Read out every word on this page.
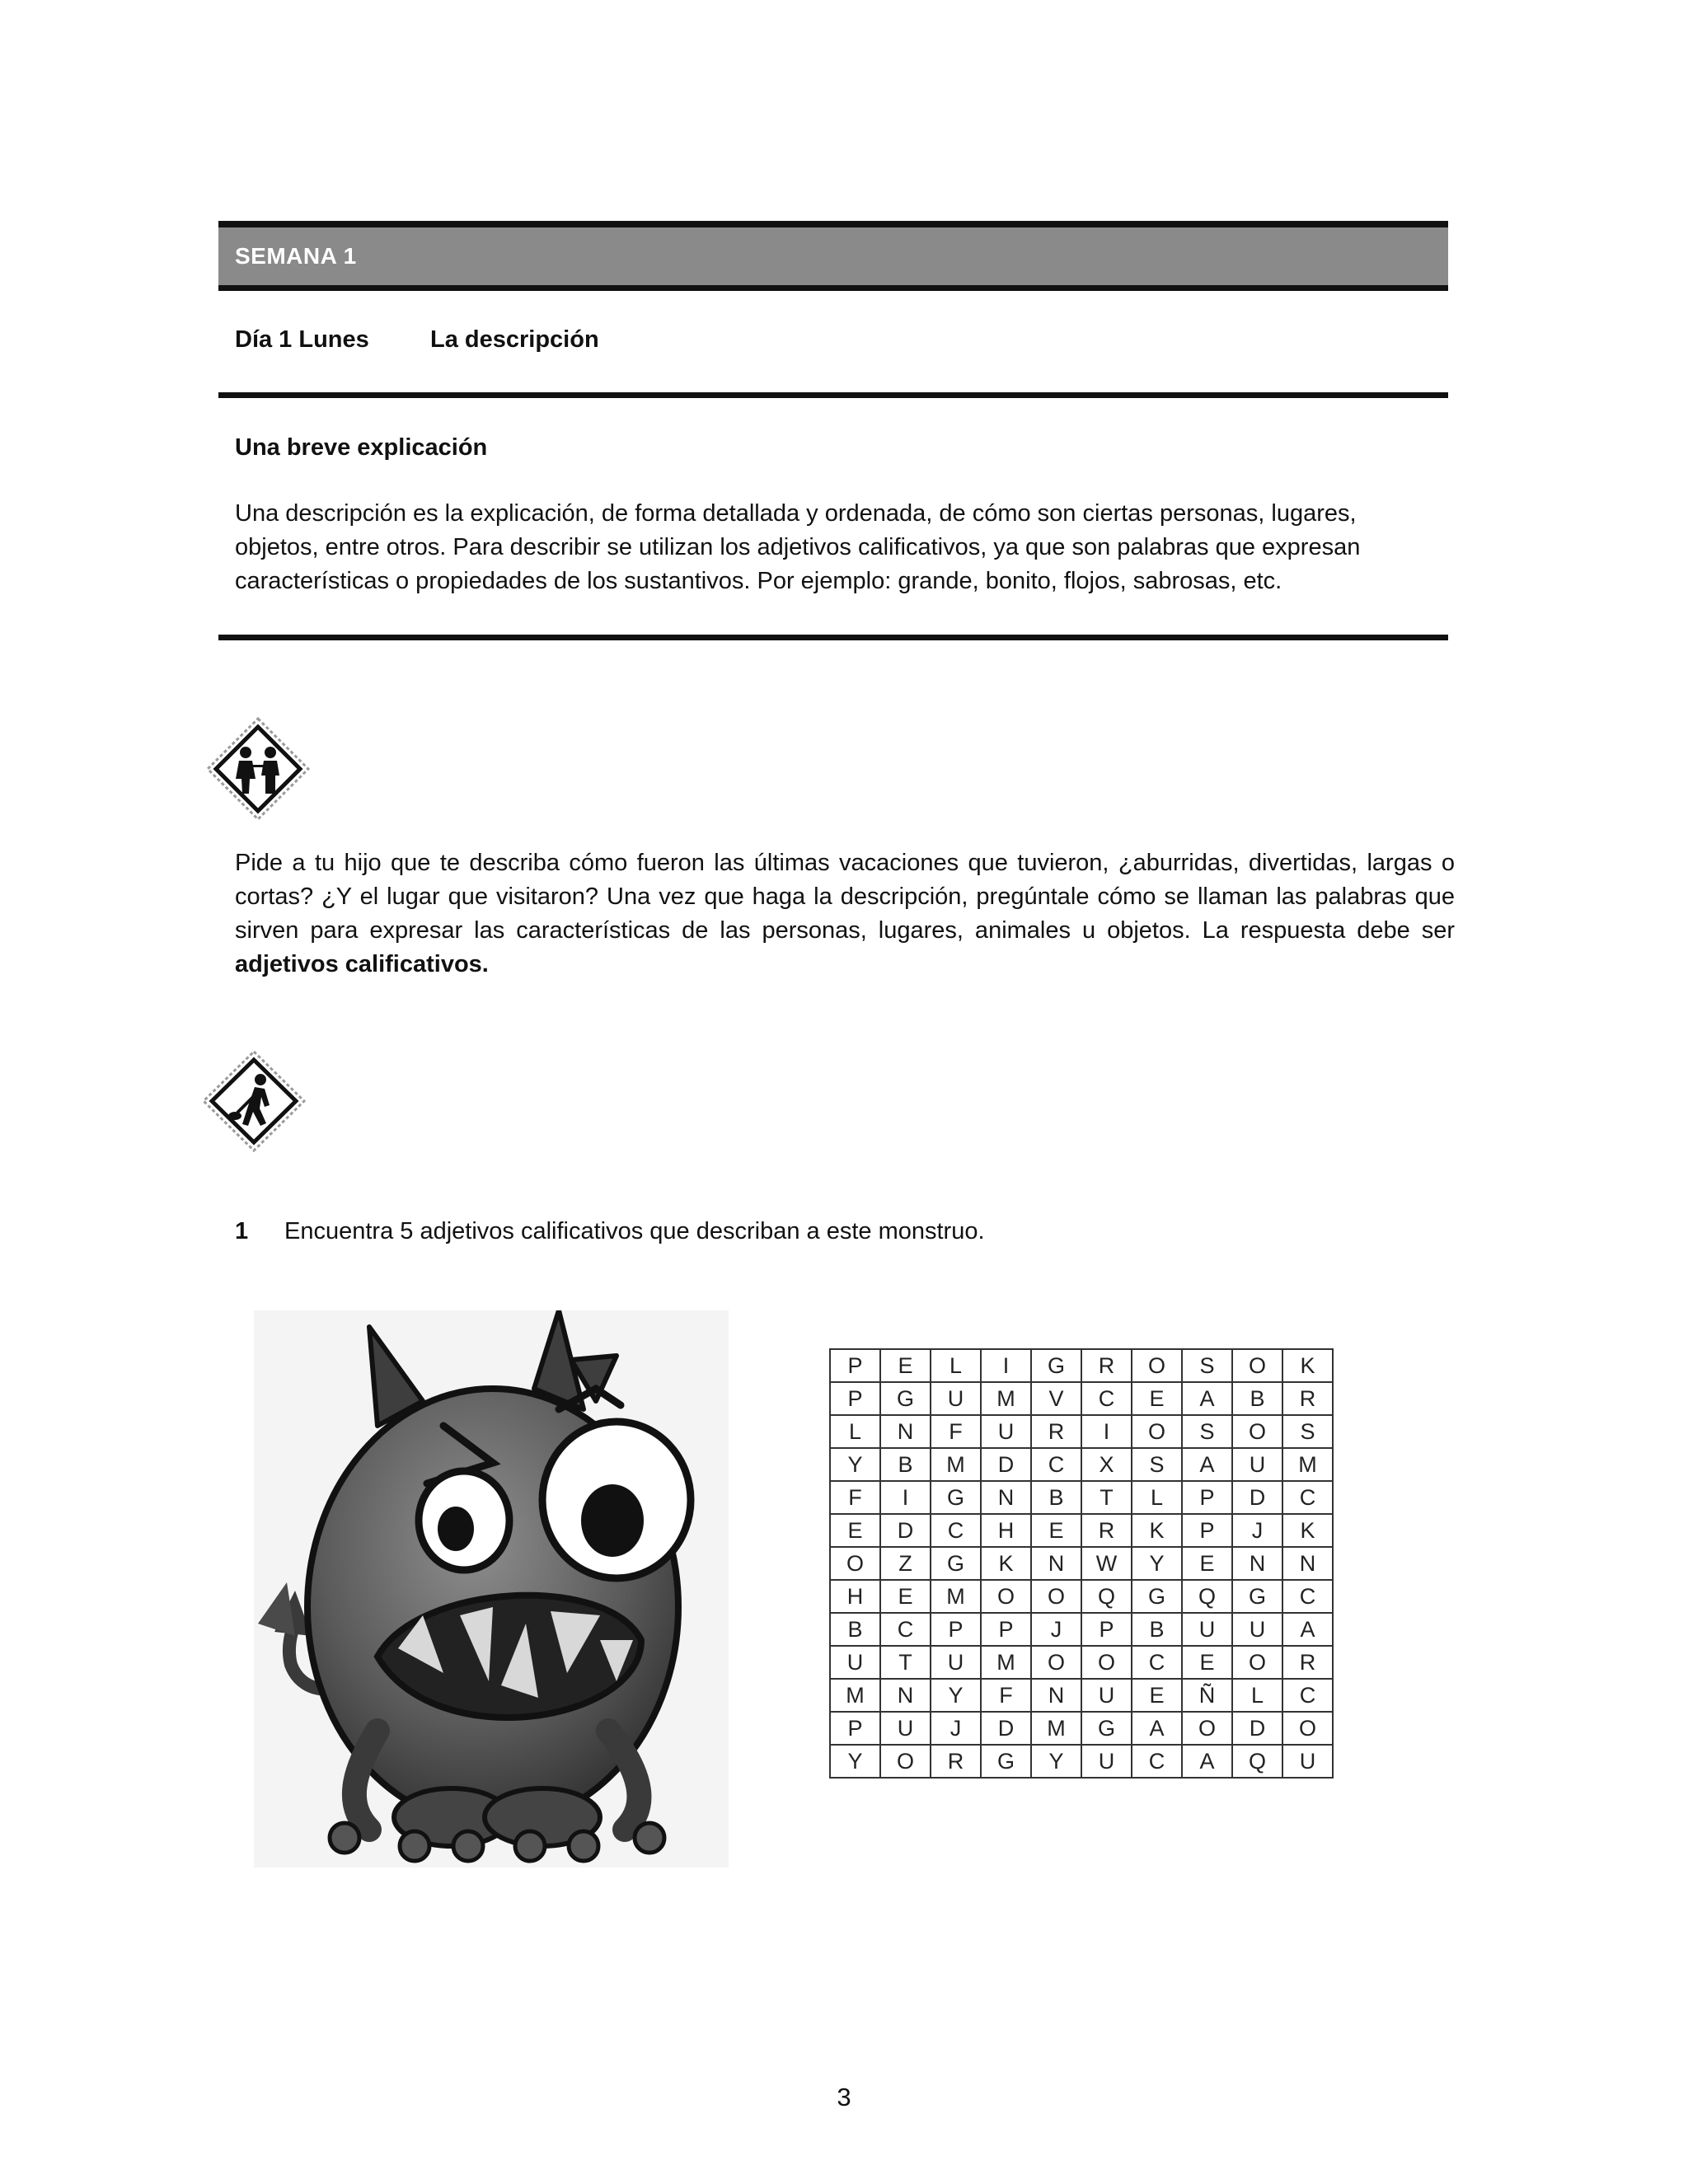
SEMANA 1
Día 1 Lunes	La descripción
Una breve explicación
Una descripción es la explicación, de forma detallada y ordenada, de cómo son ciertas personas, lugares, objetos, entre otros. Para describir se utilizan los adjetivos calificativos, ya que son palabras que expresan características o propiedades de los sustantivos. Por ejemplo: grande, bonito, flojos, sabrosas, etc.
Pide a tu hijo que te describa cómo fueron las últimas vacaciones que tuvieron, ¿aburridas, divertidas, largas o cortas? ¿Y el lugar que visitaron? Una vez que haga la descripción, pregúntale cómo se llaman las palabras que sirven para expresar las características de las personas, lugares, animales u objetos. La respuesta debe ser adjetivos calificativos.
1	Encuentra 5 adjetivos calificativos que describan a este monstruo.
P	E	L	I	G	R	O	S	O	K
P	G	U	M	V	C	E	A	B	R
L	N	F	U	R	I	O	S	O	S
Y	B	M	D	C	X	S	A	U	M
F	I	G	N	B	T	L	P	D	C
E	D	C	H	E	R	K	P	J	K
O	Z	G	K	N	W	Y	E	N	N
H	E	M	O	O	Q	G	Q	G	C
B	C	P	P	J	P	B	U	U	A
U	T	U	M	O	O	C	E	O	R
M	N	Y	F	N	U	E	Ñ	L	C
P	U	J	D	M	G	A	O	D	O
Y	O	R	G	Y	U	C	A	Q	U
3
